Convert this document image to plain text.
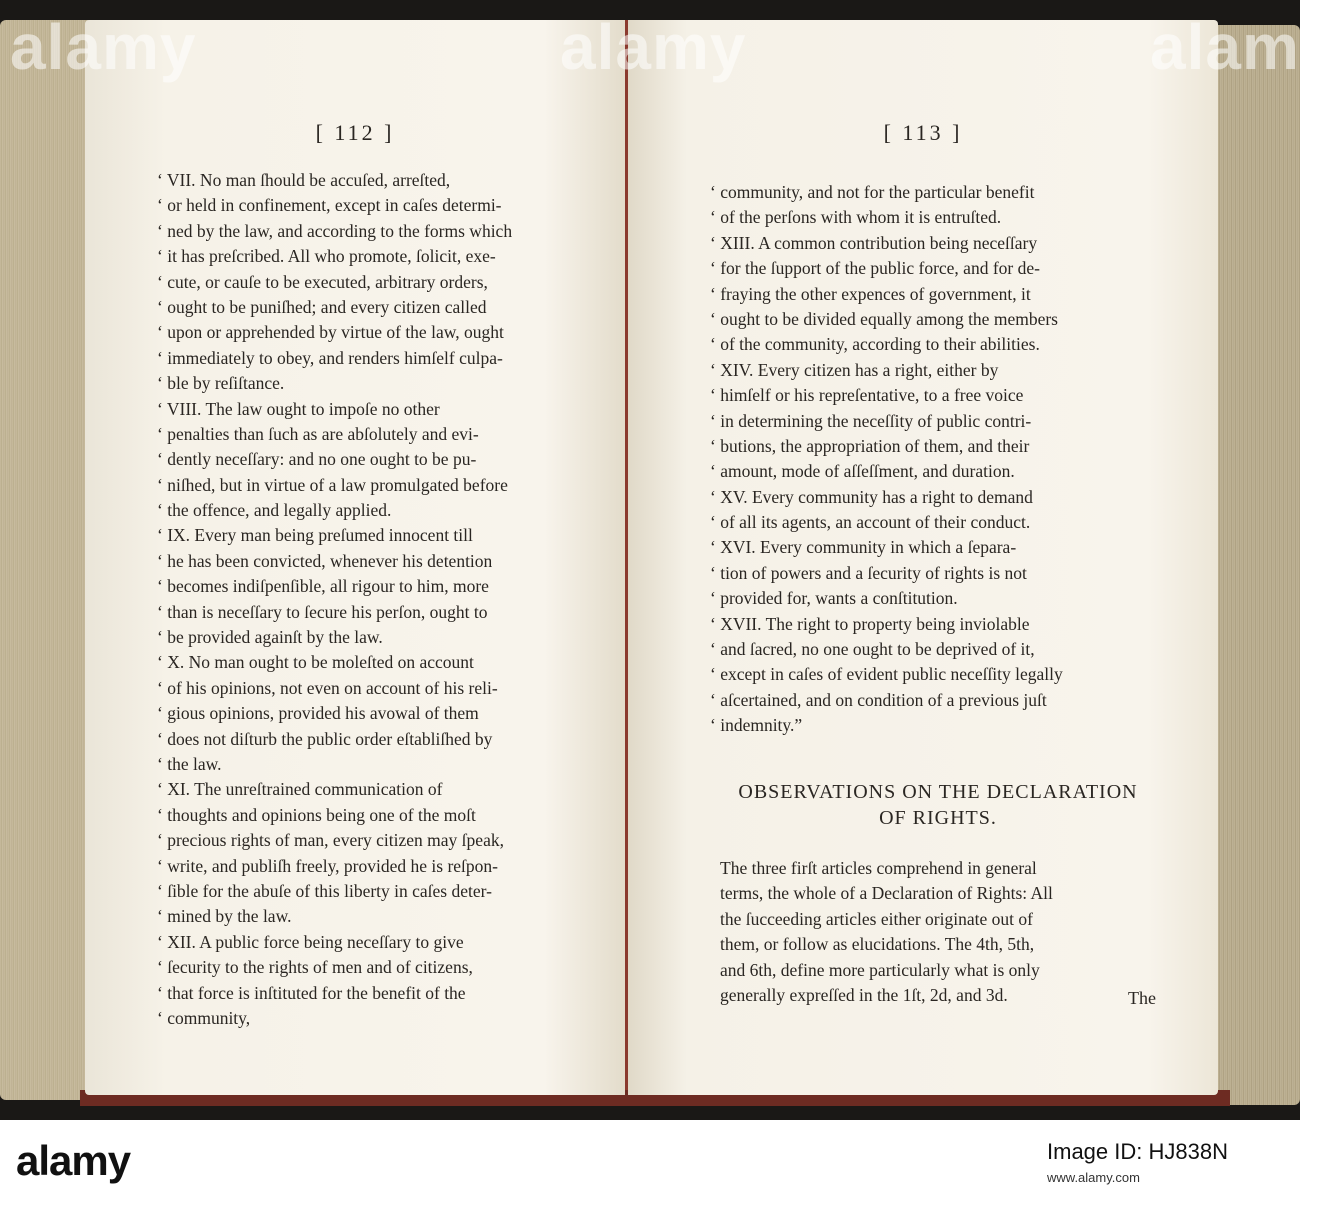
[ 112 ]
‘ VII. No man ſhould be accuſed, arreſted,
‘ or held in confinement, except in caſes determi-
‘ ned by the law, and according to the forms which
‘ it has preſcribed. All who promote, ſolicit, exe-
‘ cute, or cauſe to be executed, arbitrary orders,
‘ ought to be puniſhed; and every citizen called
‘ upon or apprehended by virtue of the law, ought
‘ immediately to obey, and renders himſelf culpa-
‘ ble by reſiſtance.
‘ VIII. The law ought to impoſe no other
‘ penalties than ſuch as are abſolutely and evi-
‘ dently neceſſary: and no one ought to be pu-
‘ niſhed, but in virtue of a law promulgated before
‘ the offence, and legally applied.
‘ IX. Every man being preſumed innocent till
‘ he has been convicted, whenever his detention
‘ becomes indiſpenſible, all rigour to him, more
‘ than is neceſſary to ſecure his perſon, ought to
‘ be provided againſt by the law.
‘ X. No man ought to be moleſted on account
‘ of his opinions, not even on account of his reli-
‘ gious opinions, provided his avowal of them
‘ does not diſturb the public order eſtabliſhed by
‘ the law.
‘ XI. The unreſtrained communication of
‘ thoughts and opinions being one of the moſt
‘ precious rights of man, every citizen may ſpeak,
‘ write, and publiſh freely, provided he is reſpon-
‘ ſible for the abuſe of this liberty in caſes deter-
‘ mined by the law.
‘ XII. A public force being neceſſary to give
‘ ſecurity to the rights of men and of citizens,
‘ that force is inſtituted for the benefit of the
‘ community,
[ 113 ]
‘ community, and not for the particular benefit
‘ of the perſons with whom it is entruſted.
‘ XIII. A common contribution being neceſſary
‘ for the ſupport of the public force, and for de-
‘ fraying the other expences of government, it
‘ ought to be divided equally among the members
‘ of the community, according to their abilities.
‘ XIV. Every citizen has a right, either by
‘ himſelf or his repreſentative, to a free voice
‘ in determining the neceſſity of public contri-
‘ butions, the appropriation of them, and their
‘ amount, mode of aſſeſſment, and duration.
‘ XV. Every community has a right to demand
‘ of all its agents, an account of their conduct.
‘ XVI. Every community in which a ſepara-
‘ tion of powers and a ſecurity of rights is not
‘ provided for, wants a conſtitution.
‘ XVII. The right to property being inviolable
‘ and ſacred, no one ought to be deprived of it,
‘ except in caſes of evident public neceſſity legally
‘ aſcertained, and on condition of a previous juſt
‘ indemnity.”
OBSERVATIONS ON THE DECLARATION
OF RIGHTS.
The three firſt articles comprehend in general
terms, the whole of a Declaration of Rights: All
the ſucceeding articles either originate out of
them, or follow as elucidations. The 4th, 5th,
and 6th, define more particularly what is only
generally expreſſed in the 1ſt, 2d, and 3d.	The
alamy	alamy	alamy
alamy	Image ID: HJ838N
www.alamy.com
